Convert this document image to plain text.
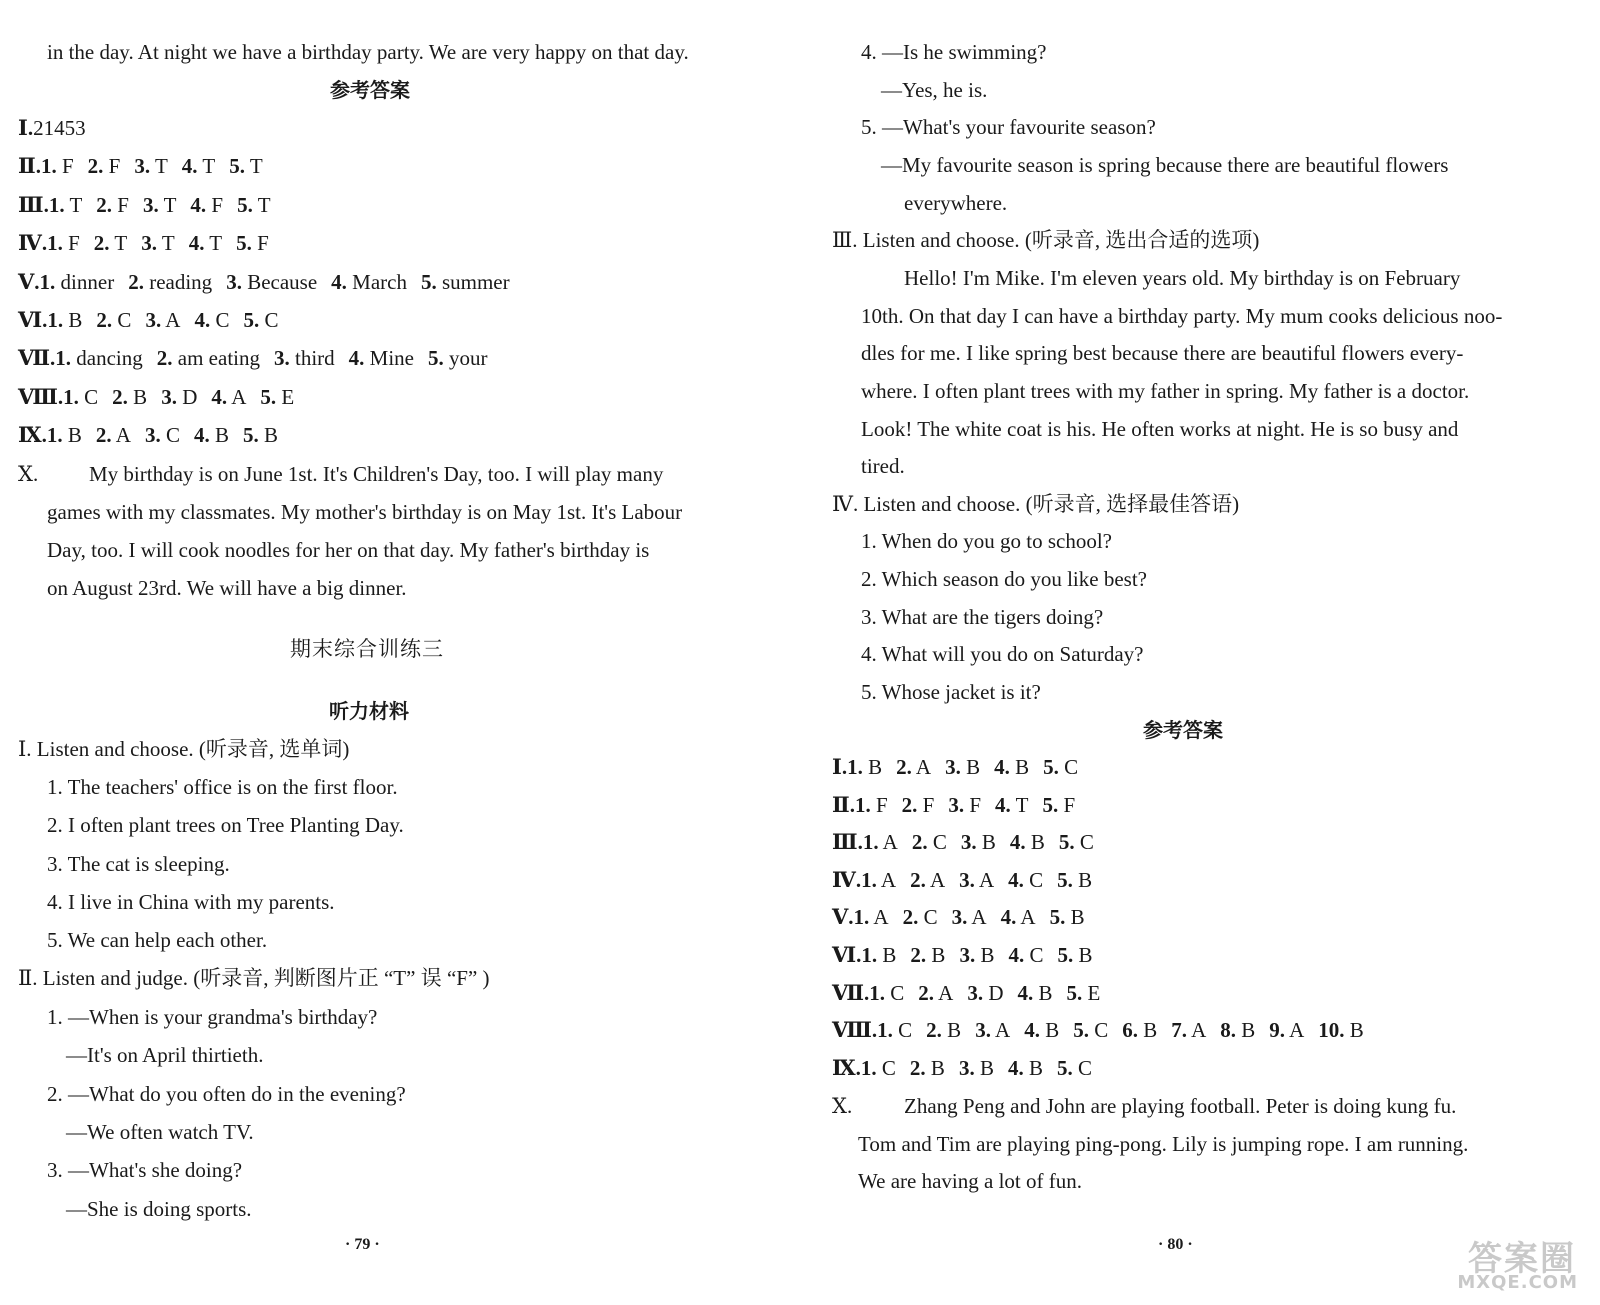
in the day. At night we have a birthday party. We are very happy on that day.
参考答案
Ⅰ.21453
Ⅱ.1. F 2. F 3. T 4. T 5. T
Ⅲ.1. T 2. F 3. T 4. F 5. T
Ⅳ.1. F 2. T 3. T 4. T 5. F
Ⅴ.1. dinner 2. reading 3. Because 4. March 5. summer
Ⅵ.1. B 2. C 3. A 4. C 5. C
Ⅶ.1. dancing 2. am eating 3. third 4. Mine 5. your
Ⅷ.1. C 2. B 3. D 4. A 5. E
Ⅸ.1. B 2. A 3. C 4. B 5. B
Ⅹ. My birthday is on June 1st. It's Children's Day, too. I will play many
games with my classmates. My mother's birthday is on May 1st. It's Labour
Day, too. I will cook noodles for her on that day. My father's birthday is
on August 23rd. We will have a big dinner.
期末综合训练三
听力材料
Ⅰ. Listen and choose. (听录音, 选单词)
1. The teachers' office is on the first floor.
2. I often plant trees on Tree Planting Day.
3. The cat is sleeping.
4. I live in China with my parents.
5. We can help each other.
Ⅱ. Listen and judge. (听录音, 判断图片正 “T” 误 “F” )
1. —When is your grandma's birthday?
—It's on April thirtieth.
2. —What do you often do in the evening?
—We often watch TV.
3. —What's she doing?
—She is doing sports.
· 79 ·
4. —Is he swimming?
—Yes, he is.
5. —What's your favourite season?
—My favourite season is spring because there are beautiful flowers
everywhere.
Ⅲ. Listen and choose. (听录音, 选出合适的选项)
Hello! I'm Mike. I'm eleven years old. My birthday is on February
10th. On that day I can have a birthday party. My mum cooks delicious noo-
dles for me. I like spring best because there are beautiful flowers every-
where. I often plant trees with my father in spring. My father is a doctor.
Look! The white coat is his. He often works at night. He is so busy and
tired.
Ⅳ. Listen and choose. (听录音, 选择最佳答语)
1. When do you go to school?
2. Which season do you like best?
3. What are the tigers doing?
4. What will you do on Saturday?
5. Whose jacket is it?
参考答案
Ⅰ.1. B 2. A 3. B 4. B 5. C
Ⅱ.1. F 2. F 3. F 4. T 5. F
Ⅲ.1. A 2. C 3. B 4. B 5. C
Ⅳ.1. A 2. A 3. A 4. C 5. B
Ⅴ.1. A 2. C 3. A 4. A 5. B
Ⅵ.1. B 2. B 3. B 4. C 5. B
Ⅶ.1. C 2. A 3. D 4. B 5. E
Ⅷ.1. C 2. B 3. A 4. B 5. C 6. B 7. A 8. B 9. A 10. B
Ⅸ.1. C 2. B 3. B 4. B 5. C
Ⅹ. Zhang Peng and John are playing football. Peter is doing kung fu.
Tom and Tim are playing ping-pong. Lily is jumping rope. I am running.
We are having a lot of fun.
· 80 ·	答案圈
MXQE.COM
